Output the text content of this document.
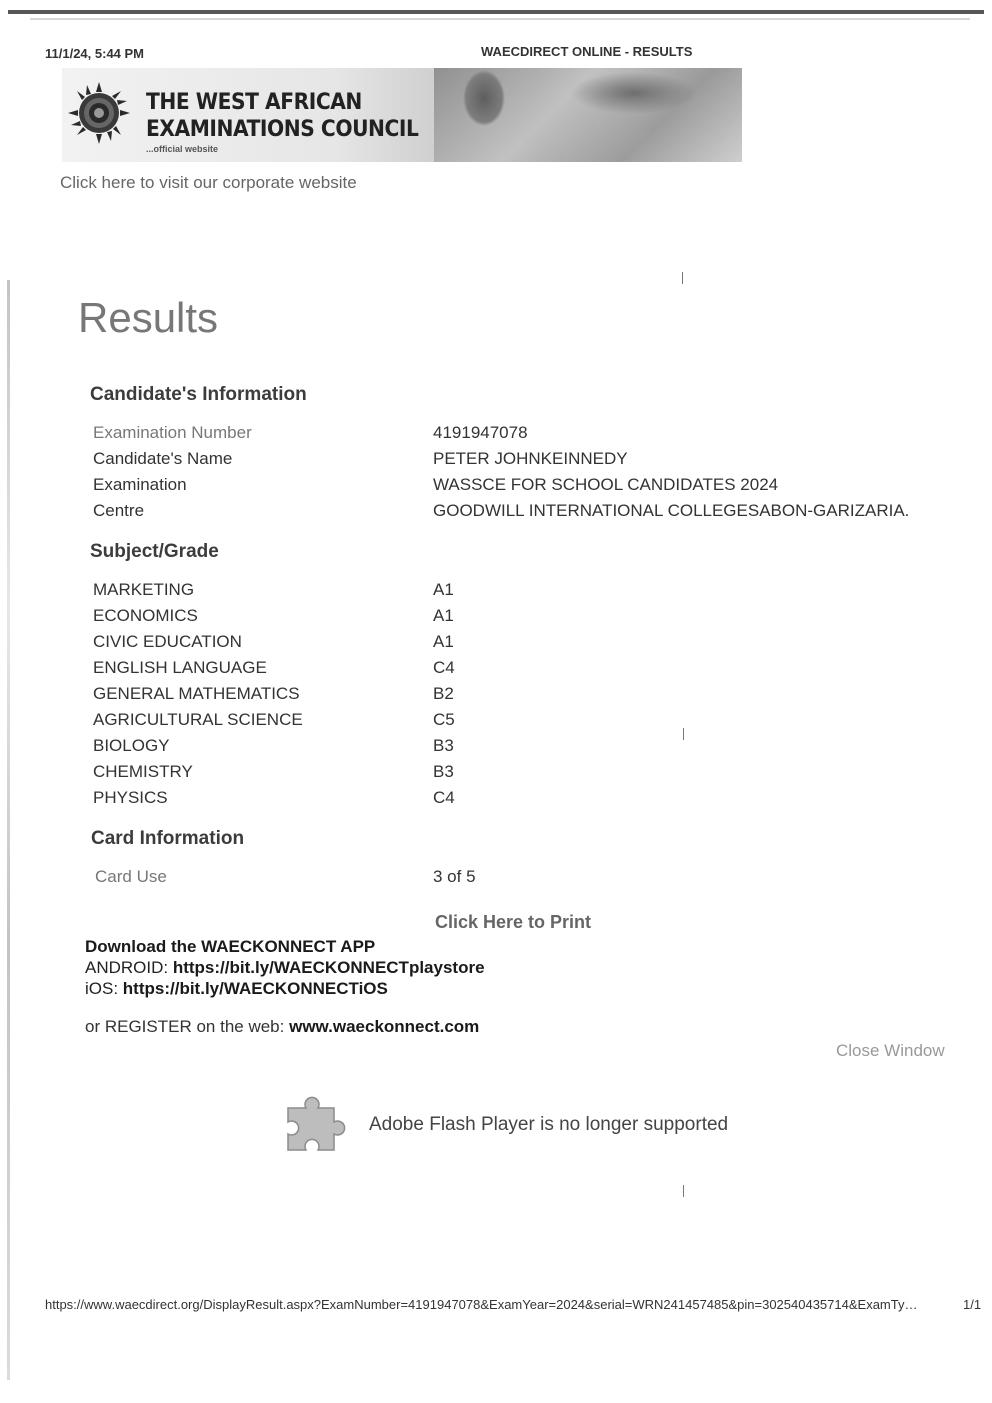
11/1/24, 5:44 PM	WAECDIRECT ONLINE - RESULTS
THE WEST AFRICAN
EXAMINATIONS COUNCIL
...official website
Click here to visit our corporate website
Results
Candidate's Information
Examination Number	4191947078
Candidate's Name	PETER JOHNKEINNEDY
Examination	WASSCE FOR SCHOOL CANDIDATES 2024
Centre	GOODWILL INTERNATIONAL COLLEGESABON-GARIZARIA.
Subject/Grade
MARKETING	A1
ECONOMICS	A1
CIVIC EDUCATION	A1
ENGLISH LANGUAGE	C4
GENERAL MATHEMATICS	B2
AGRICULTURAL SCIENCE	C5
BIOLOGY	B3
CHEMISTRY	B3
PHYSICS	C4
Card Information
Card Use	3 of 5
Click Here to Print
Download the WAECKONNECT APP
ANDROID: https://bit.ly/WAECKONNECTplaystore
iOS: https://bit.ly/WAECKONNECTiOS
or REGISTER on the web: www.waeckonnect.com
Close Window
Adobe Flash Player is no longer supported
https://www.waecdirect.org/DisplayResult.aspx?ExamNumber=4191947078&ExamYear=2024&serial=WRN241457485&pin=302540435714&ExamTy…	1/1
